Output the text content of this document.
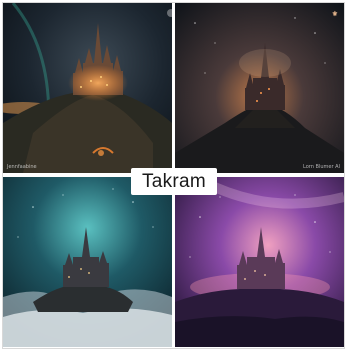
Jennfaabine
⚜
Lorn Blumer AI
Takram
